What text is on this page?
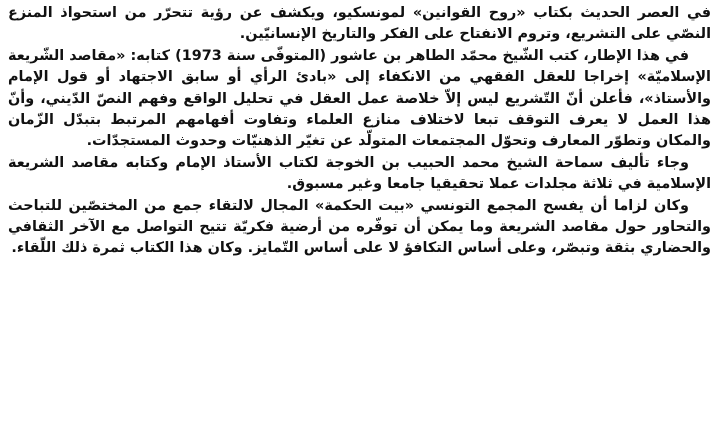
في العصر الحديث بكتاب «روح القوانين» لمونسكيو، ويكشف عن رؤية تتحرّر من استحواذ المنزع النصّي على التشريع، وتروم الانفتاح على الفكر والتاريخ الإنسانيّين.

في هذا الإطار، كتب الشّيخ محمّد الطاهر بن عاشور (المتوفّى سنة 1973) كتابه: «مقاصد الشّريعة الإسلاميّة» إخراجا للعقل الفقهي من الانكفاء إلى «بادئ الرأي أو سابق الاجتهاد أو قول الإمام والأستاذ»، فأعلن أنّ التّشريع ليس إلاّ خلاصة عمل العقل في تحليل الواقع وفهم النصّ الدّيني، وأنّ هذا العمل لا يعرف التوقف تبعا لاختلاف منازع العلماء وتفاوت أفهامهم المرتبط بتبدّل الزّمان والمكان وتطوّر المعارف وتحوّل المجتمعات المتولّد عن تغيّر الذهنيّات وحدوث المستجدّات.

وجاء تأليف سماحة الشيخ محمد الحبيب بن الخوجة لكتاب الأستاذ الإمام وكتابه مقاصد الشريعة الإسلامية في ثلاثة مجلدات عملا تحقيقيا جامعا وغير مسبوق.

وكان لزاما أن يفسح المجمع التونسي «بيت الحكمة» المجال لالتقاء جمع من المختصّين للتباحث والتحاور حول مقاصد الشريعة وما يمكن أن توفّره من أرضية فكريّة تتيح التواصل مع الآخر الثقافي والحضاري بثقة وتبصّر، وعلى أساس التكافؤ لا على أساس التّمايز. وكان هذا الكتاب ثمرة ذلك اللّقاء.
